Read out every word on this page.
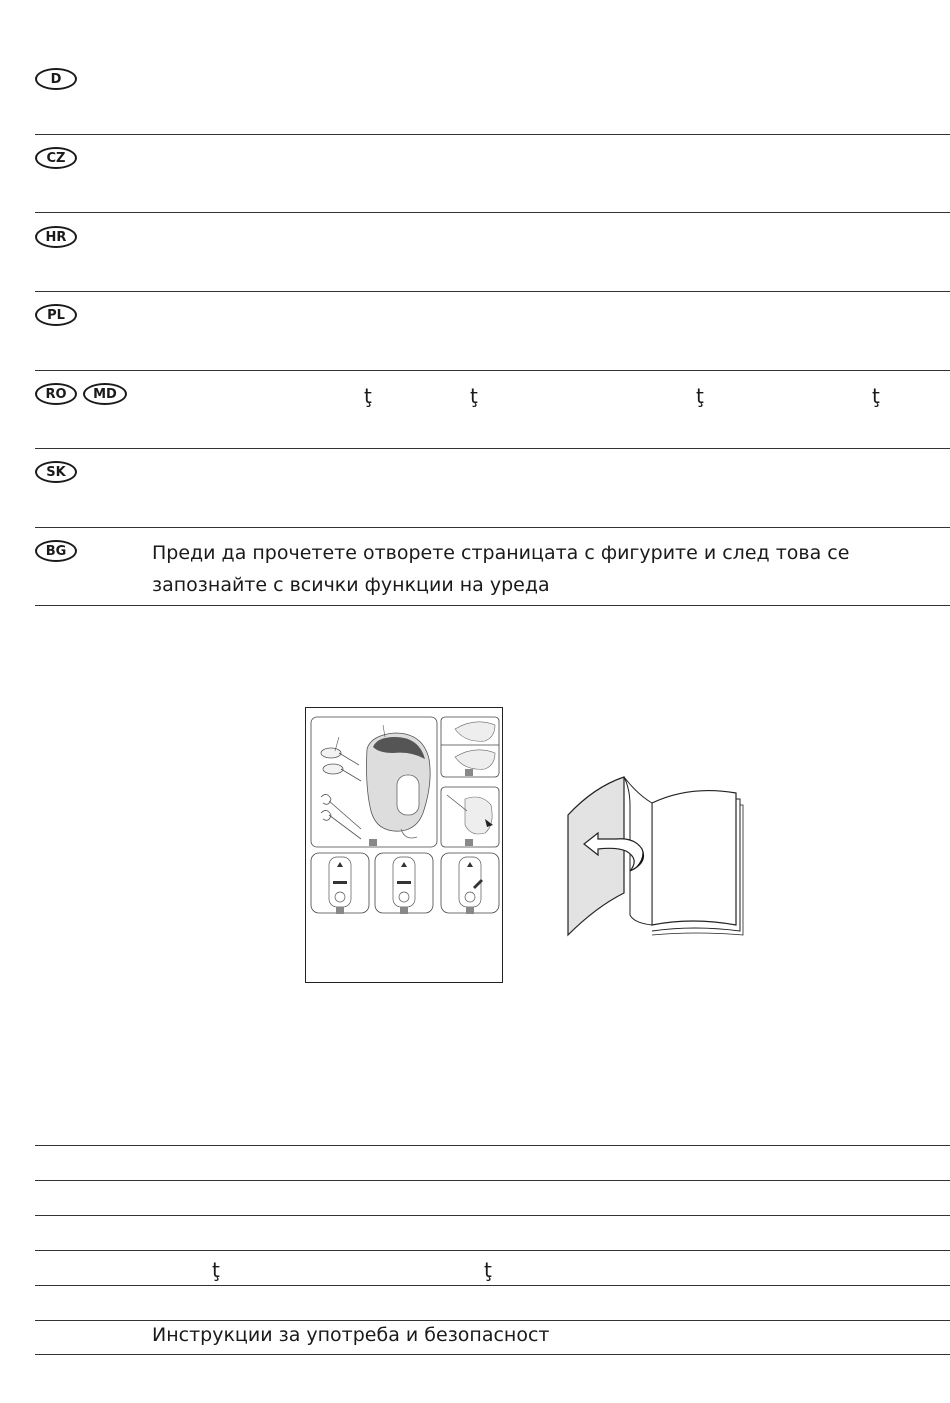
D
CZ
HR
PL
RO	MD	ţ	ţ	ţ	ţ
SK
BG	Преди да прочетете отворете страницата с фигурите и след това се запознайте с всички функции на уреда
ţ	ţ
Инструкции за употреба и безопасност
